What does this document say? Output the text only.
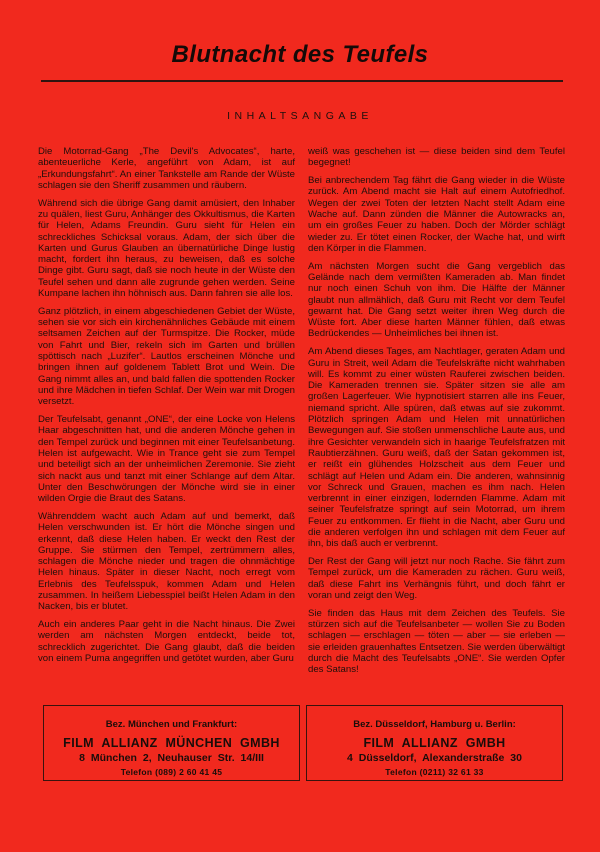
Blutnacht des Teufels
INHALTSANGABE

Die Motorrad-Gang „The Devil's Advocates“, harte, abenteuerliche Kerle, angeführt von Adam, ist auf „Erkundungsfahrt“. An einer Tankstelle am Rande der Wüste schlagen sie den Sheriff zusammen und räubern.

Während sich die übrige Gang damit amüsiert, den Inhaber zu quälen, liest Guru, Anhänger des Okkultismus, die Karten für Helen, Adams Freundin. Guru sieht für Helen ein schreckliches Schicksal voraus. Adam, der sich über die Karten und Gurus Glauben an übernatürliche Dinge lustig macht, fordert ihn heraus, zu beweisen, daß es solche Dinge gibt. Guru sagt, daß sie noch heute in der Wüste den Teufel sehen und dann alle zugrunde gehen werden. Seine Kumpane lachen ihn höhnisch aus. Dann fahren sie alle los.

Ganz plötzlich, in einem abgeschiedenen Gebiet der Wüste, sehen sie vor sich ein kirchenähnliches Gebäude mit einem seltsamen Zeichen auf der Turmspitze. Die Rocker, müde von Fahrt und Bier, rekeln sich im Garten und brüllen spöttisch nach „Luzifer“. Lautlos erscheinen Mönche und bringen ihnen auf goldenem Tablett Brot und Wein. Die Gang nimmt alles an, und bald fallen die spottenden Rocker und ihre Mädchen in tiefen Schlaf. Der Wein war mit Drogen versetzt.

Der Teufelsabt, genannt „ONE“, der eine Locke von Helens Haar abgeschnitten hat, und die anderen Mönche gehen in den Tempel zurück und beginnen mit einer Teufelsanbetung. Helen ist aufgewacht. Wie in Trance geht sie zum Tempel und beteiligt sich an der unheimlichen Zeremonie. Sie zieht sich nackt aus und tanzt mit einer Schlange auf dem Altar. Unter den Beschwörungen der Mönche wird sie in einer wilden Orgie die Braut des Satans.

Währenddem wacht auch Adam auf und bemerkt, daß Helen verschwunden ist. Er hört die Mönche singen und erkennt, daß diese Helen haben. Er weckt den Rest der Gruppe. Sie stürmen den Tempel, zertrümmern alles, schlagen die Mönche nieder und tragen die ohnmächtige Helen hinaus. Später in dieser Nacht, noch erregt vom Erlebnis des Teufelsspuk, kommen Adam und Helen zusammen. In heißem Liebesspiel beißt Helen Adam in den Nacken, bis er blutet.

Auch ein anderes Paar geht in die Nacht hinaus. Die Zwei werden am nächsten Morgen entdeckt, beide tot, schrecklich zugerichtet. Die Gang glaubt, daß die beiden von einem Puma angegriffen und getötet wurden, aber Guru

weiß was geschehen ist — diese beiden sind dem Teufel begegnet!

Bei anbrechendem Tag fährt die Gang wieder in die Wüste zurück. Am Abend macht sie Halt auf einem Autofriedhof. Wegen der zwei Toten der letzten Nacht stellt Adam eine Wache auf. Dann zünden die Männer die Autowracks an, um ein großes Feuer zu haben. Doch der Mörder schlägt wieder zu. Er tötet einen Rocker, der Wache hat, und wirft den Körper in die Flammen.

Am nächsten Morgen sucht die Gang vergeblich das Gelände nach dem vermißten Kameraden ab. Man findet nur noch einen Schuh von ihm. Die Hälfte der Männer glaubt nun allmählich, daß Guru mit Recht vor dem Teufel gewarnt hat. Die Gang setzt weiter ihren Weg durch die Wüste fort. Aber diese harten Männer fühlen, daß etwas Bedrückendes — Unheimliches bei ihnen ist.

Am Abend dieses Tages, am Nachtlager, geraten Adam und Guru in Streit, weil Adam die Teufelskräfte nicht wahrhaben will. Es kommt zu einer wüsten Rauferei zwischen beiden. Die Kameraden trennen sie. Später sitzen sie alle am großen Lagerfeuer. Wie hypnotisiert starren alle ins Feuer, niemand spricht. Alle spüren, daß etwas auf sie zukommt. Plötzlich springen Adam und Helen mit unnatürlichen Bewegungen auf. Sie stoßen unmenschliche Laute aus, und ihre Gesichter verwandeln sich in haarige Teufelsfratzen mit Raubtierzähnen. Guru weiß, daß der Satan gekommen ist, er reißt ein glühendes Holzscheit aus dem Feuer und schlägt auf Helen und Adam ein. Die anderen, wahnsinnig vor Schreck und Grauen, machen es ihm nach. Helen verbrennt in einer einzigen, lodernden Flamme. Adam mit seiner Teufelsfratze springt auf sein Motorrad, um ihrem Feuer zu entkommen. Er flieht in die Nacht, aber Guru und die anderen verfolgen ihn und schlagen mit dem Feuer auf ihn, bis daß auch er verbrennt.

Der Rest der Gang will jetzt nur noch Rache. Sie fährt zum Tempel zurück, um die Kameraden zu rächen. Guru weiß, daß diese Fahrt ins Verhängnis führt, und doch fährt er voran und zeigt den Weg.

Sie finden das Haus mit dem Zeichen des Teufels. Sie stürzen sich auf die Teufelsanbeter — wollen Sie zu Boden schlagen — erschlagen — töten — aber — sie erleben — sie erleiden grauenhaftes Entsetzen. Sie werden überwältigt durch die Macht des Teufelsabts „ONE“. Sie werden Opfer des Satans!

Bez. München und Frankfurt:
FILM ALLIANZ MÜNCHEN GMBH
8 München 2, Neuhauser Str. 14/III
Telefon (089) 2 60 41 45
Bez. Düsseldorf, Hamburg u. Berlin:
FILM ALLIANZ GMBH
4 Düsseldorf, Alexanderstraße 30
Telefon (0211) 32 61 33
